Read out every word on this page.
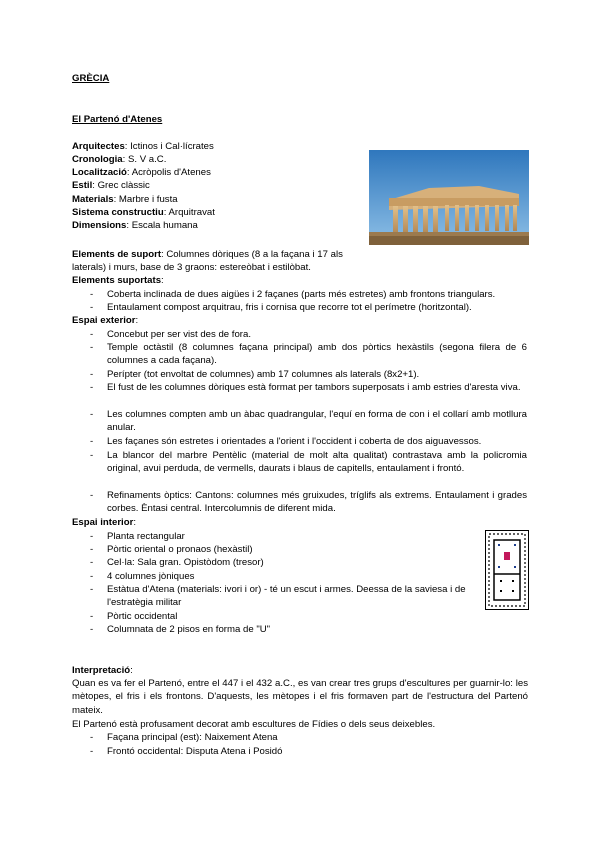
GRÈCIA
El Partenó d'Atenes
Arquitectes: Ictinos i Cal·lícrates
Cronologia: S. V a.C.
Localització: Acròpolis d'Atenes
Estil: Grec clàssic
Materials: Marbre i fusta
Sistema constructiu: Arquitravat
Dimensions: Escala humana
Elements de suport: Columnes dòriques (8 a la façana i 17 als
laterals) i murs, base de 3 graons: estereòbat i estilòbat.
Elements suportats:
- Coberta inclinada de dues aigües i 2 façanes (parts més estretes) amb frontons triangulars.
- Entaulament compost arquitrau, fris i cornisa que recorre tot el perímetre (horitzontal).
Espai exterior:
- Concebut per ser vist des de fora.
- Temple octàstil (8 columnes façana principal) amb dos pòrtics hexàstils (segona filera de 6 columnes a cada façana).
- Perípter (tot envoltat de columnes) amb 17 columnes als laterals (8x2+1).
- El fust de les columnes dòriques està format per tambors superposats i amb estries d'aresta viva.
- Les columnes compten amb un àbac quadrangular, l'equí en forma de con i el collarí amb motllura anular.
- Les façanes són estretes i orientades a l'orient i l'occident i coberta de dos aiguavessos.
- La blancor del marbre Pentèlic (material de molt alta qualitat) contrastava amb la policromia original, avui perduda, de vermells, daurats i blaus de capitells, entaulament i frontó.
- Refinaments òptics: Cantons: columnes més gruixudes, tríglifs als extrems. Entaulament i grades corbes. Èntasi central. Intercolumnis de diferent mida.
Espai interior:
- Planta rectangular
- Pòrtic oriental o pronaos (hexàstil)
- Cel·la: Sala gran. Opistòdom (tresor)
- 4 columnes jòniques
- Estàtua d'Atena (materials: ivori i or) - té un escut i armes. Deessa de la saviesa i de l'estratègia militar
- Pòrtic occidental
- Columnata de 2 pisos en forma de "U"
Interpretació:
Quan es va fer el Partenó, entre el 447 i el 432 a.C., es van crear tres grups d'escultures per guarnir-lo: les mètopes, el fris i els frontons. D'aquests, les mètopes i el fris formaven part de l'estructura del Partenó mateix.
El Partenó està profusament decorat amb escultures de Fídies o dels seus deixebles.
- Façana principal (est): Naixement Atena
- Frontó occidental: Disputa Atena i Posidó
